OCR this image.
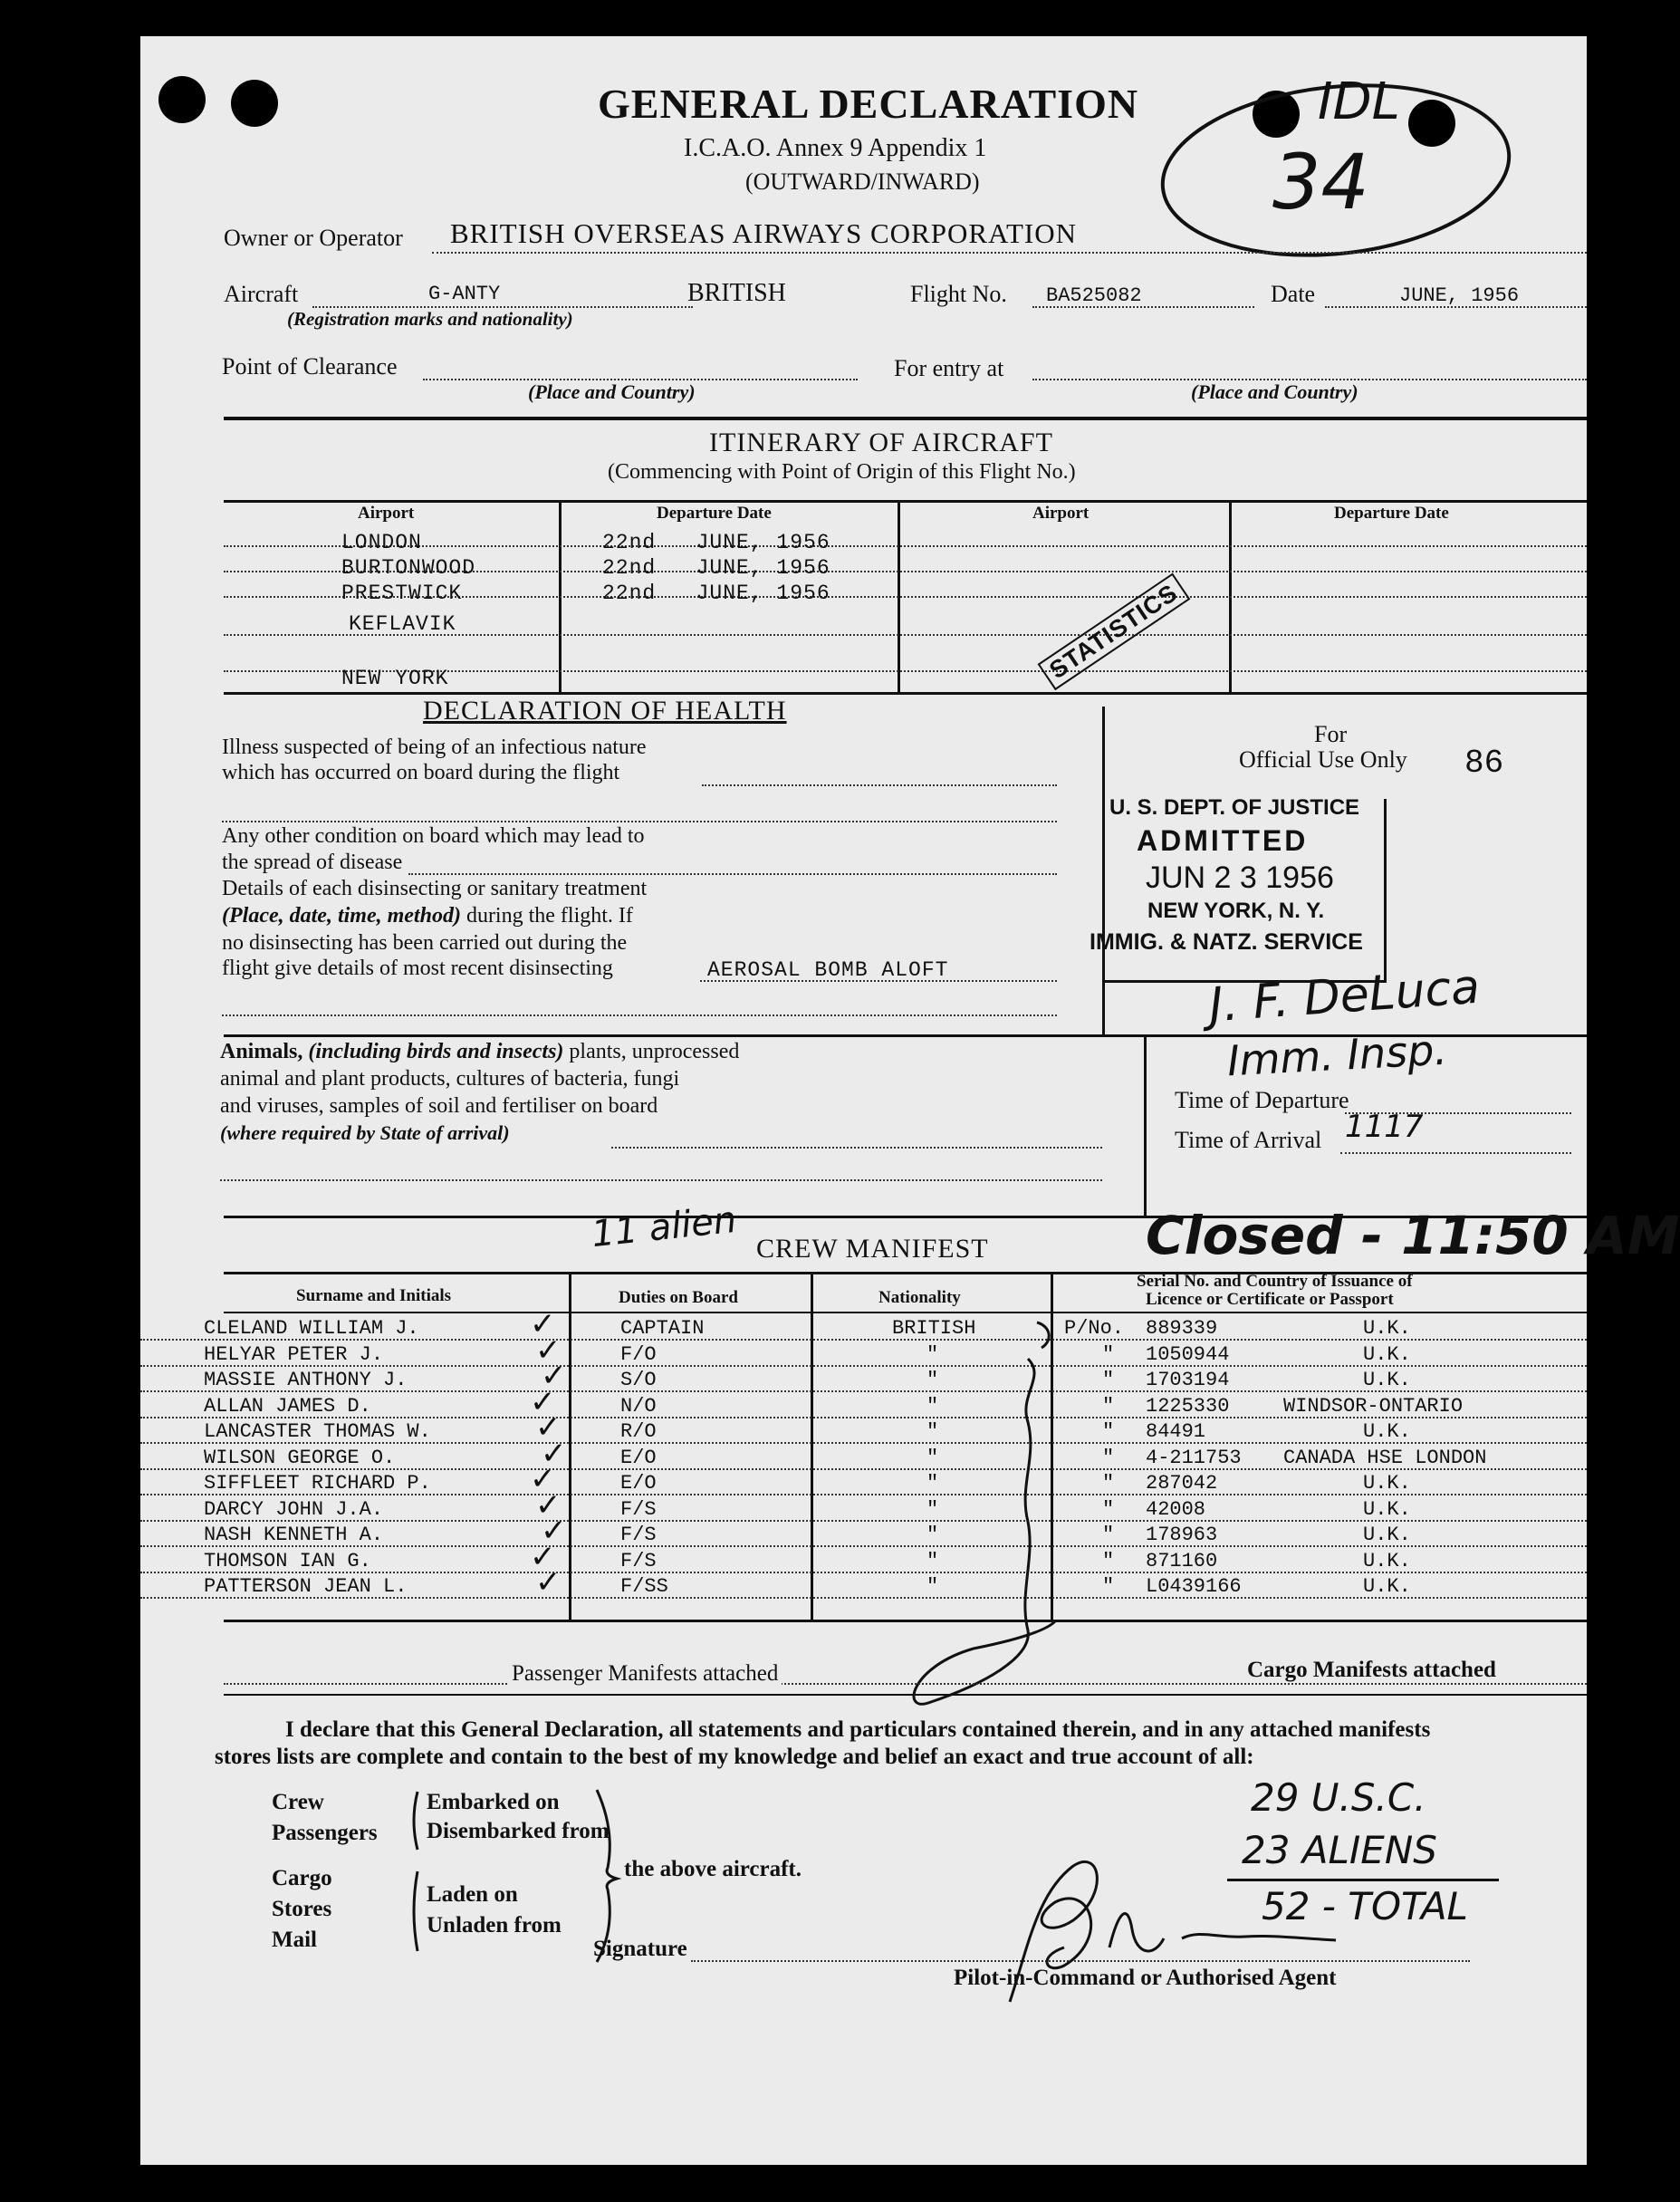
GENERAL DECLARATION
I.C.A.O. Annex 9 Appendix 1
(OUTWARD/INWARD)
IDL
34
Owner or Operator BRITISH OVERSEAS AIRWAYS CORPORATION
Aircraft	G-ANTY	BRITISH	Flight No. BA525082	Date	JUNE, 1956
(Registration marks and nationality)
Point of Clearance
(Place and Country)
For entry at
(Place and Country)
ITINERARY OF AIRCRAFT
(Commencing with Point of Origin of this Flight No.)
Airport	Departure Date	Airport	Departure Date
LONDON	22nd   JUNE, 1956
BURTONWOOD	22nd   JUNE, 1956
PRESTWICK	22nd   JUNE, 1956
KEFLAVIK
NEW YORK	STATISTICS
DECLARATION OF HEALTH
Illness suspected of being of an infectious nature
which has occurred on board during the flight
Any other condition on board which may lead to
the spread of disease
Details of each disinsecting or sanitary treatment
(Place, date, time, method) during the flight. If
no disinsecting has been carried out during the
flight give details of most recent disinsecting	AEROSAL BOMB ALOFT
Animals, (including birds and insects) plants, unprocessed
animal and plant products, cultures of bacteria, fungi
and viruses, samples of soil and fertiliser on board
(where required by State of arrival)
For
Official Use Only 86
U. S. DEPT. OF JUSTICE
ADMITTED
JUN 2 3 1956
NEW YORK, N. Y.
IMMIG. & NATZ. SERVICE
J. F. DeLuca
Imm. Insp.
Time of Departure
Time of Arrival 1117
11 alien CREW MANIFEST	Closed - 11:50 AM
Surname and Initials	Duties on Board	Nationality
Serial No. and Country of Issuance of
Licence or Certificate or Passport
CLELAND WILLIAM J.	CAPTAIN	BRITISH	P/No. 889339	U.K.
✓
HELYAR PETER J.	F/O	"	" 1050944	U.K.
✓
MASSIE ANTHONY J.	S/O	"	" 1703194	U.K.
✓
ALLAN JAMES D.	N/O	"	" 1225330	WINDSOR-ONTARIO
✓
LANCASTER THOMAS W.	R/O	"	" 84491	U.K.
✓
WILSON GEORGE O.	E/O	"	" 4-211753 CANADA HSE LONDON
✓
SIFFLEET RICHARD P.	E/O	"	" 287042	U.K.
✓
DARCY JOHN J.A.	F/S	"	" 42008	U.K.
✓
NASH KENNETH A.	F/S	"	" 178963	U.K.
✓
THOMSON IAN G.	F/S	"	" 871160	U.K.
✓
PATTERSON JEAN L.	F/SS	"	" L0439166	U.K.
✓
Passenger Manifests attached	Cargo Manifests attached
I declare that this General Declaration, all statements and particulars contained therein, and in any attached manifests
stores lists are complete and contain to the best of my knowledge and belief an exact and true account of all:
Crew
Passengers
Embarked on
Disembarked from
Cargo
Stores
Mail
Laden on
Unladen from
the above aircraft.
29 U.S.C.
23 ALIENS
52 - TOTAL
Signature
Pilot-in-Command or Authorised Agent
